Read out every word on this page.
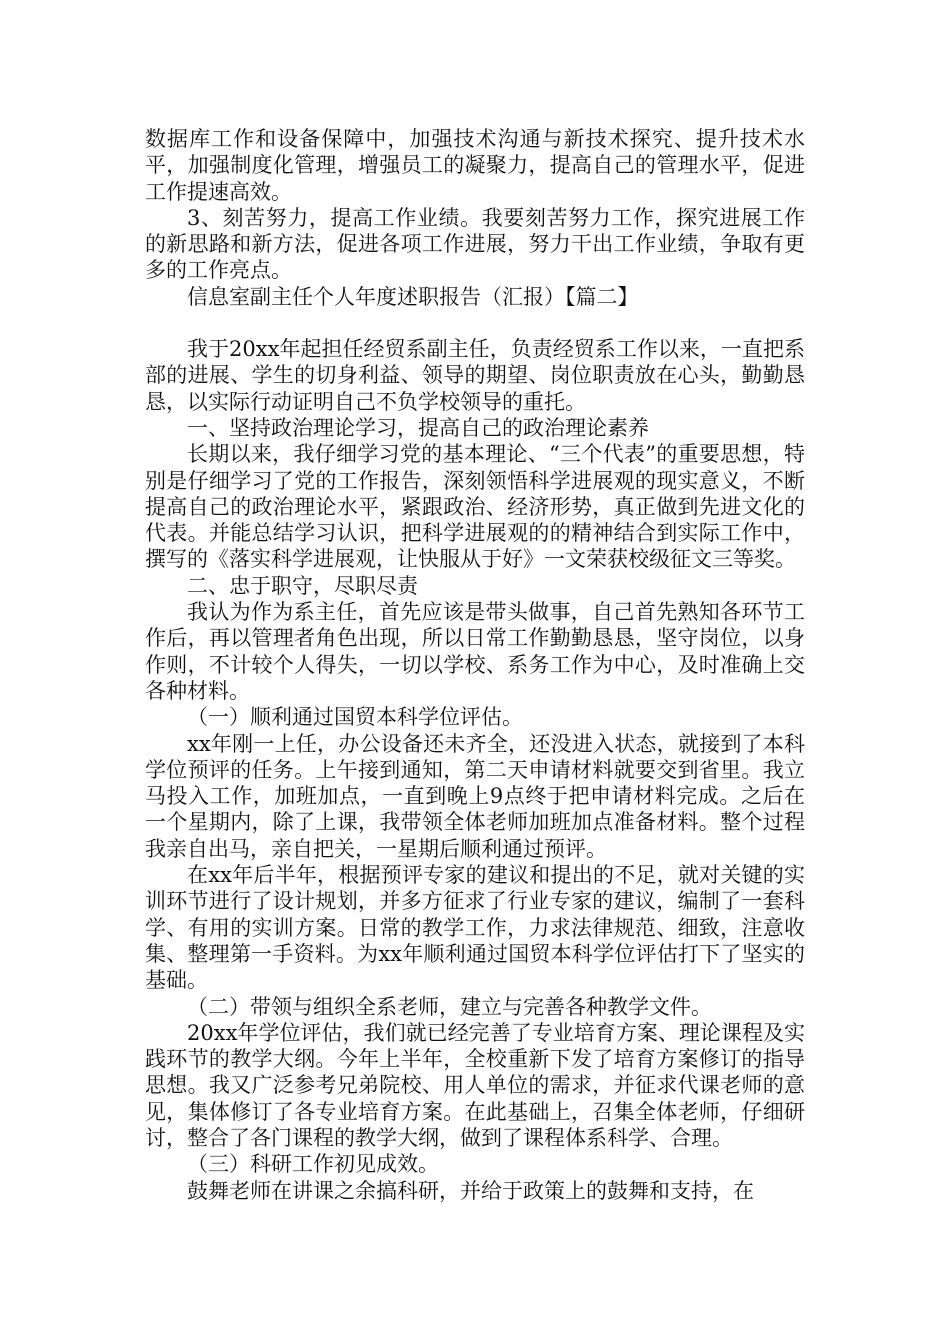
数据库工作和设备保障中，加强技术沟通与新技术探究、提升技术水平，加强制度化管理，增强员工的凝聚力，提高自己的管理水平，促进工作提速高效。

3、刻苦努力，提高工作业绩。我要刻苦努力工作，探究进展工作的新思路和新方法，促进各项工作进展，努力干出工作业绩，争取有更多的工作亮点。

信息室副主任个人年度述职报告（汇报）【篇二】

我于20xx年起担任经贸系副主任，负责经贸系工作以来，一直把系部的进展、学生的切身利益、领导的期望、岗位职责放在心头，勤勤恳恳，以实际行动证明自己不负学校领导的重托。

一、坚持政治理论学习，提高自己的政治理论素养

长期以来，我仔细学习党的基本理论、“三个代表”的重要思想，特别是仔细学习了党的工作报告，深刻领悟科学进展观的现实意义，不断提高自己的政治理论水平，紧跟政治、经济形势，真正做到先进文化的代表。并能总结学习认识，把科学进展观的的精神结合到实际工作中，撰写的《落实科学进展观，让快服从于好》一文荣获校级征文三等奖。

二、忠于职守，尽职尽责

我认为作为系主任，首先应该是带头做事，自己首先熟知各环节工作后，再以管理者角色出现，所以日常工作勤勤恳恳，坚守岗位，以身作则，不计较个人得失，一切以学校、系务工作为中心，及时准确上交各种材料。

（一）顺利通过国贸本科学位评估。

xx年刚一上任，办公设备还未齐全，还没进入状态，就接到了本科学位预评的任务。上午接到通知，第二天申请材料就要交到省里。我立马投入工作，加班加点，一直到晚上9点终于把申请材料完成。之后在一个星期内，除了上课，我带领全体老师加班加点准备材料。整个过程我亲自出马，亲自把关，一星期后顺利通过预评。

在xx年后半年，根据预评专家的建议和提出的不足，就对关键的实训环节进行了设计规划，并多方征求了行业专家的建议，编制了一套科学、有用的实训方案。日常的教学工作，力求法律规范、细致，注意收集、整理第一手资料。为xx年顺利通过国贸本科学位评估打下了坚实的基础。

（二）带领与组织全系老师，建立与完善各种教学文件。

20xx年学位评估，我们就已经完善了专业培育方案、理论课程及实践环节的教学大纲。今年上半年，全校重新下发了培育方案修订的指导思想。我又广泛参考兄弟院校、用人单位的需求，并征求代课老师的意见，集体修订了各专业培育方案。在此基础上，召集全体老师，仔细研讨，整合了各门课程的教学大纲，做到了课程体系科学、合理。

（三）科研工作初见成效。

鼓舞老师在讲课之余搞科研，并给于政策上的鼓舞和支持，在
